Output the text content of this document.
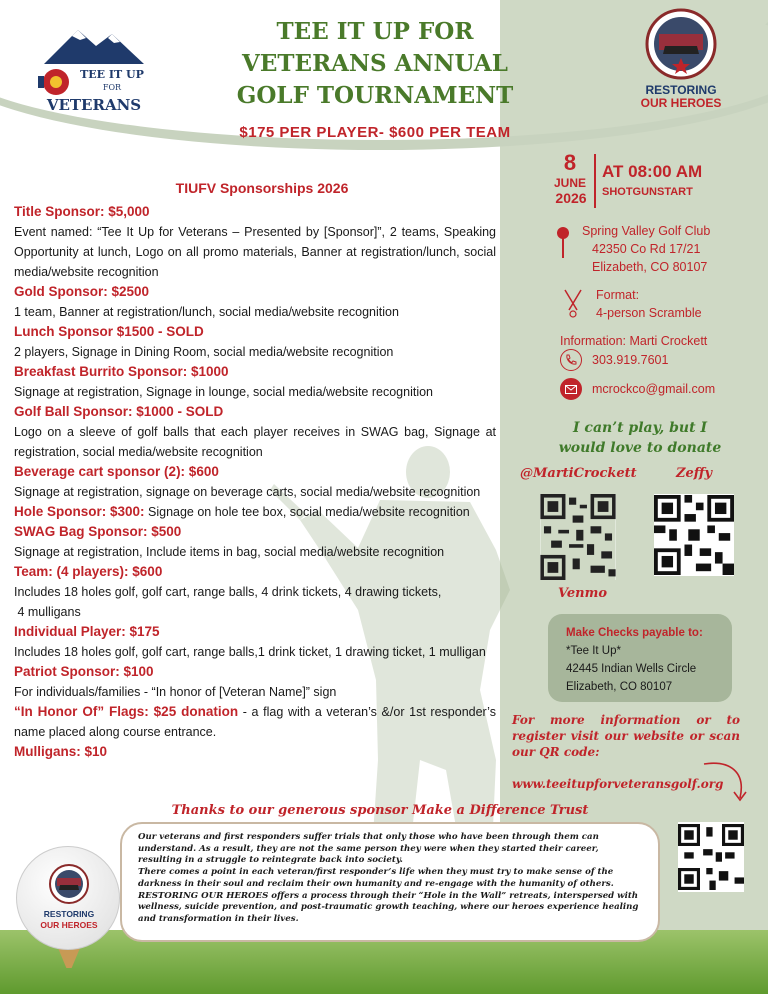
TEE IT UP
FOR
VETERANS
TEE IT UP FOR
VETERANS ANNUAL
GOLF TOURNAMENT
$175 PER PLAYER- $600 PER TEAM
RESTORING
OUR HEROES
TIUFV Sponsorships 2026
Title Sponsor: $5,000
Event named: “Tee It Up for Veterans – Presented by [Sponsor]”, 2 teams, Speaking Opportunity at lunch, Logo on all promo materials, Banner at registration/lunch, social media/website recognition
Gold Sponsor: $2500
1 team, Banner at registration/lunch, social media/website recognition
Lunch Sponsor $1500 - SOLD
2 players, Signage in Dining Room, social media/website recognition
Breakfast Burrito Sponsor: $1000
Signage at registration, Signage in lounge, social media/website recognition
Golf Ball Sponsor: $1000 - SOLD
Logo on a sleeve of golf balls that each player receives in SWAG bag, Signage at registration, social media/website recognition
Beverage cart sponsor (2): $600
Signage at registration, signage on beverage carts, social media/website recognition
Hole Sponsor: $300: Signage on hole tee box, social media/website recognition
SWAG Bag Sponsor: $500
Signage at registration, Include items in bag, social media/website recognition
Team: (4 players): $600
Includes 18 holes golf, golf cart, range balls, 4 drink tickets, 4 drawing tickets,
4 mulligans
Individual Player: $175
Includes 18 holes golf, golf cart, range balls,1 drink ticket, 1 drawing ticket, 1 mulligan
Patriot Sponsor: $100
For individuals/families - “In honor of [Veteran Name]” sign
“In Honor Of” Flags: $25 donation - a flag with a veteran’s &/or 1st responder’s name placed along course entrance.
Mulligans: $10
8
JUNE
2026
AT 08:00 AM
SHOTGUNSTART
Spring Valley Golf Club
42350 Co Rd 17/21
Elizabeth, CO 80107
Format:
4-person Scramble
Information: Marti Crockett
303.919.7601
mcrockco@gmail.com
I can’t play, but I
would love to donate
@MartiCrockett	Zeffy
Venmo
Make Checks payable to:
*Tee It Up*
42445 Indian Wells Circle
Elizabeth, CO 80107
For more information or to register visit our website or scan our QR code:
www.teeitupforveteransgolf.org
Thanks to our generous sponsor Make a Difference Trust
Our veterans and first responders suffer trials that only those who have been through them can understand. As a result, they are not the same person they were when they started their career, resulting in a struggle to reintegrate back into society.
There comes a point in each veteran/first responder’s life when they must try to make sense of the darkness in their soul and reclaim their own humanity and re-engage with the humanity of others. RESTORING OUR HEROES offers a process through their “Hole in the Wall” retreats, interspersed with wellness, suicide prevention, and post-traumatic growth teaching, where our heroes experience healing and transformation in their lives.
RESTORING
OUR HEROES
